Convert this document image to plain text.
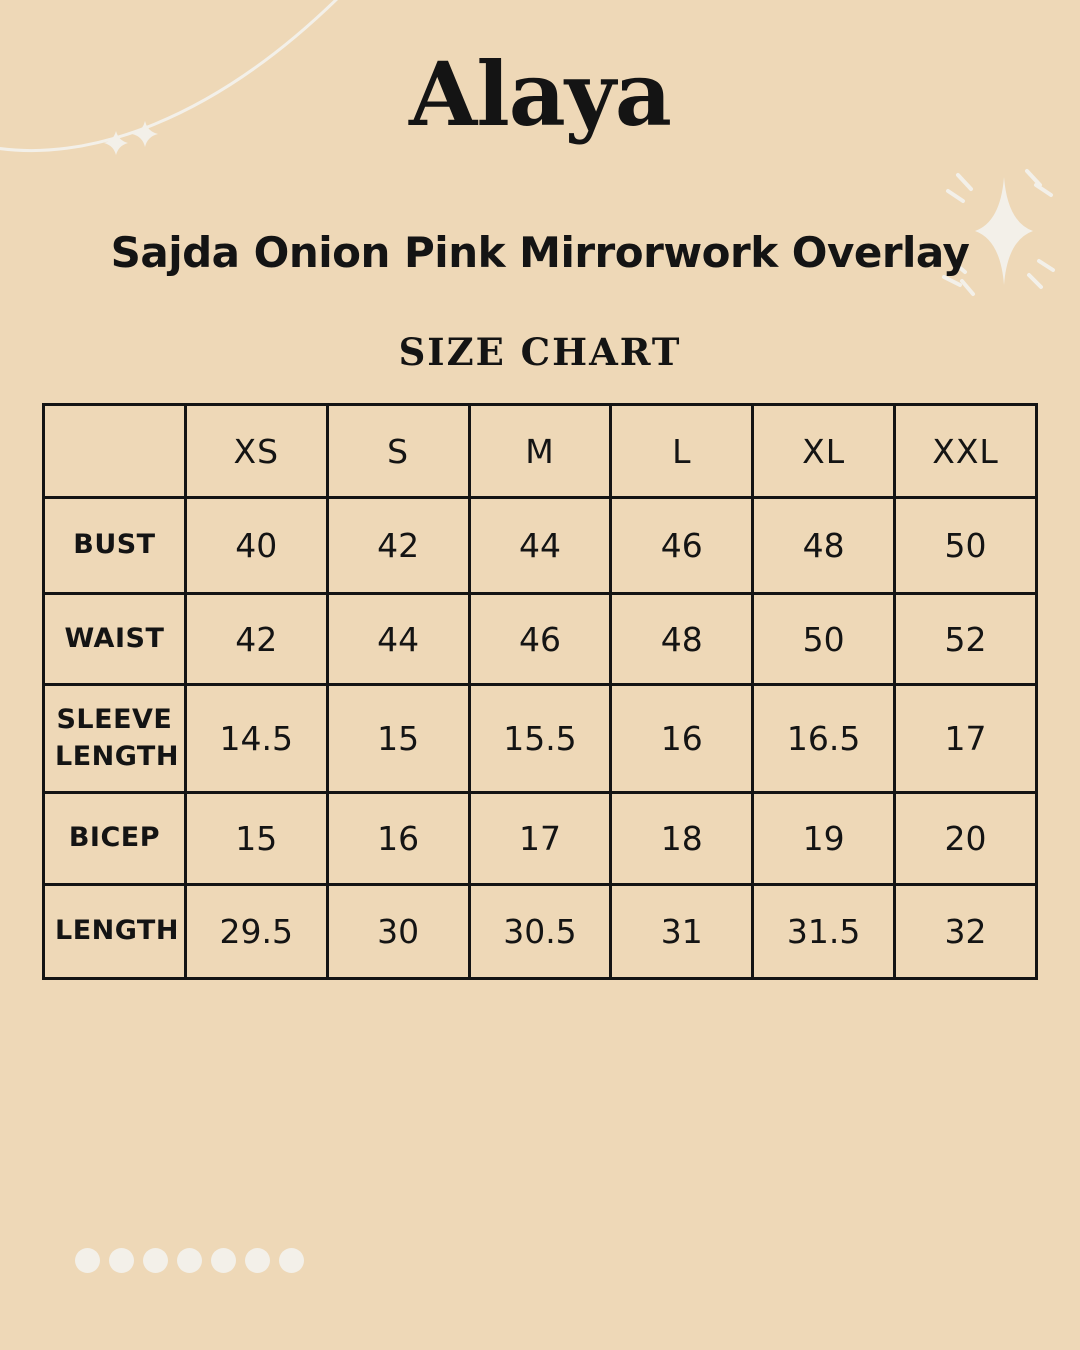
Alaya
Sajda Onion Pink Mirrorwork Overlay
SIZE CHART
	XS	S	M	L	XL	XXL
BUST	40	42	44	46	48	50
WAIST	42	44	46	48	50	52
SLEEVE LENGTH	14.5	15	15.5	16	16.5	17
BICEP	15	16	17	18	19	20
LENGTH	29.5	30	30.5	31	31.5	32
